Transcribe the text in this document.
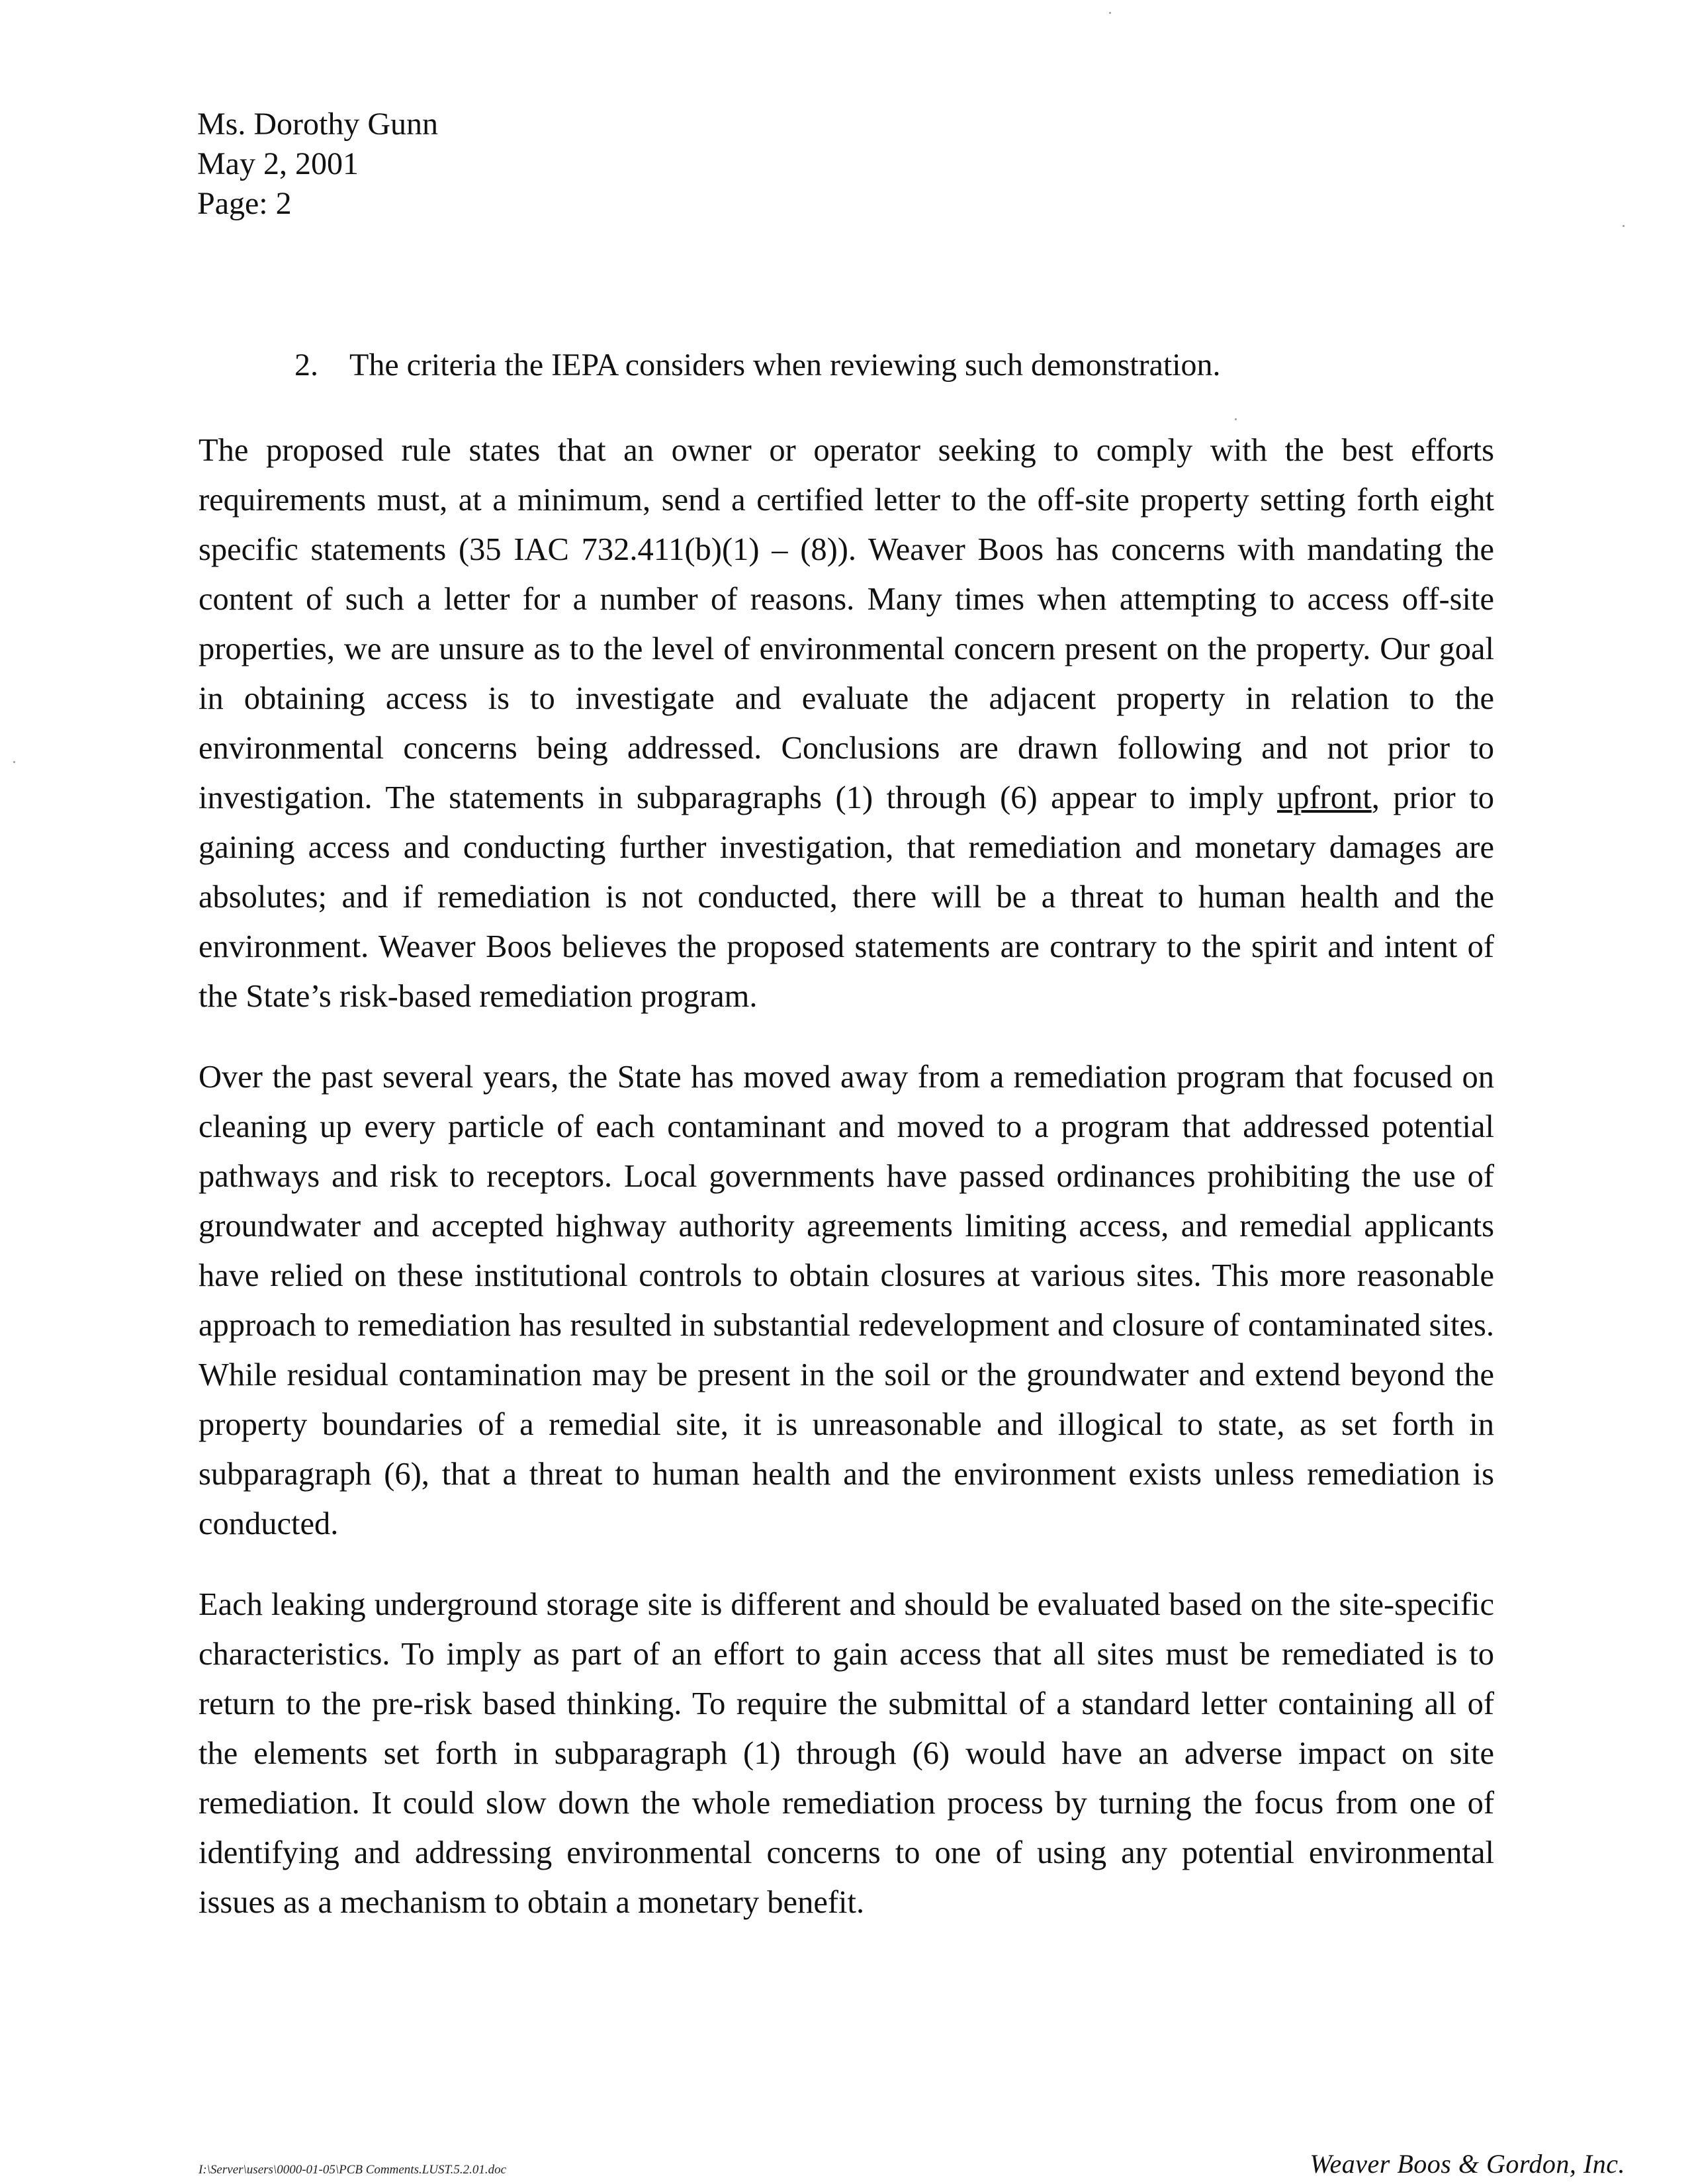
Ms. Dorothy Gunn
May 2, 2001
Page: 2
2. The criteria the IEPA considers when reviewing such demonstration.
The proposed rule states that an owner or operator seeking to comply with the best efforts requirements must, at a minimum, send a certified letter to the off-site property setting forth eight specific statements (35 IAC 732.411(b)(1) – (8)). Weaver Boos has concerns with mandating the content of such a letter for a number of reasons. Many times when attempting to access off-site properties, we are unsure as to the level of environmental concern present on the property. Our goal in obtaining access is to investigate and evaluate the adjacent property in relation to the environmental concerns being addressed. Conclusions are drawn following and not prior to investigation. The statements in subparagraphs (1) through (6) appear to imply upfront, prior to gaining access and conducting further investigation, that remediation and monetary damages are absolutes; and if remediation is not conducted, there will be a threat to human health and the environment. Weaver Boos believes the proposed statements are contrary to the spirit and intent of the State’s risk-based remediation program.
Over the past several years, the State has moved away from a remediation program that focused on cleaning up every particle of each contaminant and moved to a program that addressed potential pathways and risk to receptors. Local governments have passed ordinances prohibiting the use of groundwater and accepted highway authority agreements limiting access, and remedial applicants have relied on these institutional controls to obtain closures at various sites. This more reasonable approach to remediation has resulted in substantial redevelopment and closure of contaminated sites. While residual contamination may be present in the soil or the groundwater and extend beyond the property boundaries of a remedial site, it is unreasonable and illogical to state, as set forth in subparagraph (6), that a threat to human health and the environment exists unless remediation is conducted.
Each leaking underground storage site is different and should be evaluated based on the site-specific characteristics. To imply as part of an effort to gain access that all sites must be remediated is to return to the pre-risk based thinking. To require the submittal of a standard letter containing all of the elements set forth in subparagraph (1) through (6) would have an adverse impact on site remediation. It could slow down the whole remediation process by turning the focus from one of identifying and addressing environmental concerns to one of using any potential environmental issues as a mechanism to obtain a monetary benefit.
I:\Server\users\0000-01-05\PCB Comments.LUST.5.2.01.doc	Weaver Boos & Gordon, Inc.
